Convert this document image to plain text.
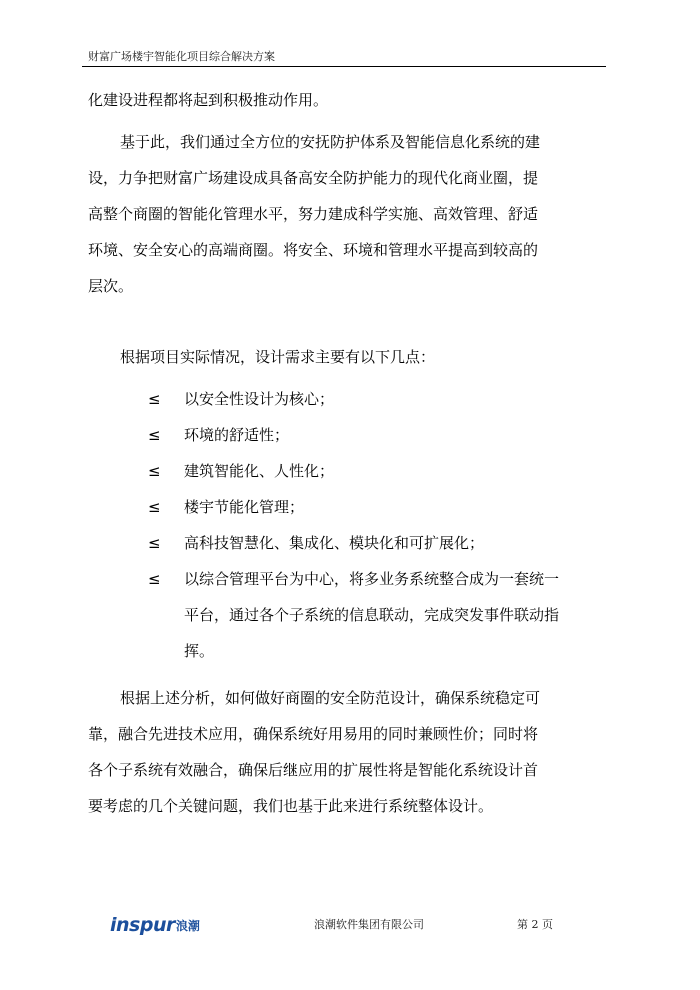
财富广场楼宇智能化项目综合解决方案
化建设进程都将起到积极推动作用。
基于此，我们通过全方位的安抚防护体系及智能信息化系统的建
设，力争把财富广场建设成具备高安全防护能力的现代化商业圈，提
高整个商圈的智能化管理水平，努力建成科学实施、高效管理、舒适
环境、安全安心的高端商圈。将安全、环境和管理水平提高到较高的
层次。
根据项目实际情况，设计需求主要有以下几点：
≤ 以安全性设计为核心；
≤ 环境的舒适性；
≤ 建筑智能化、人性化；
≤ 楼宇节能化管理；
≤ 高科技智慧化、集成化、模块化和可扩展化；
≤ 以综合管理平台为中心，将多业务系统整合成为一套统一
平台，通过各个子系统的信息联动，完成突发事件联动指
挥。
根据上述分析，如何做好商圈的安全防范设计，确保系统稳定可
靠，融合先进技术应用，确保系统好用易用的同时兼顾性价；同时将
各个子系统有效融合，确保后继应用的扩展性将是智能化系统设计首
要考虑的几个关键问题，我们也基于此来进行系统整体设计。
inspur 浪潮	浪潮软件集团有限公司	第 2 页
